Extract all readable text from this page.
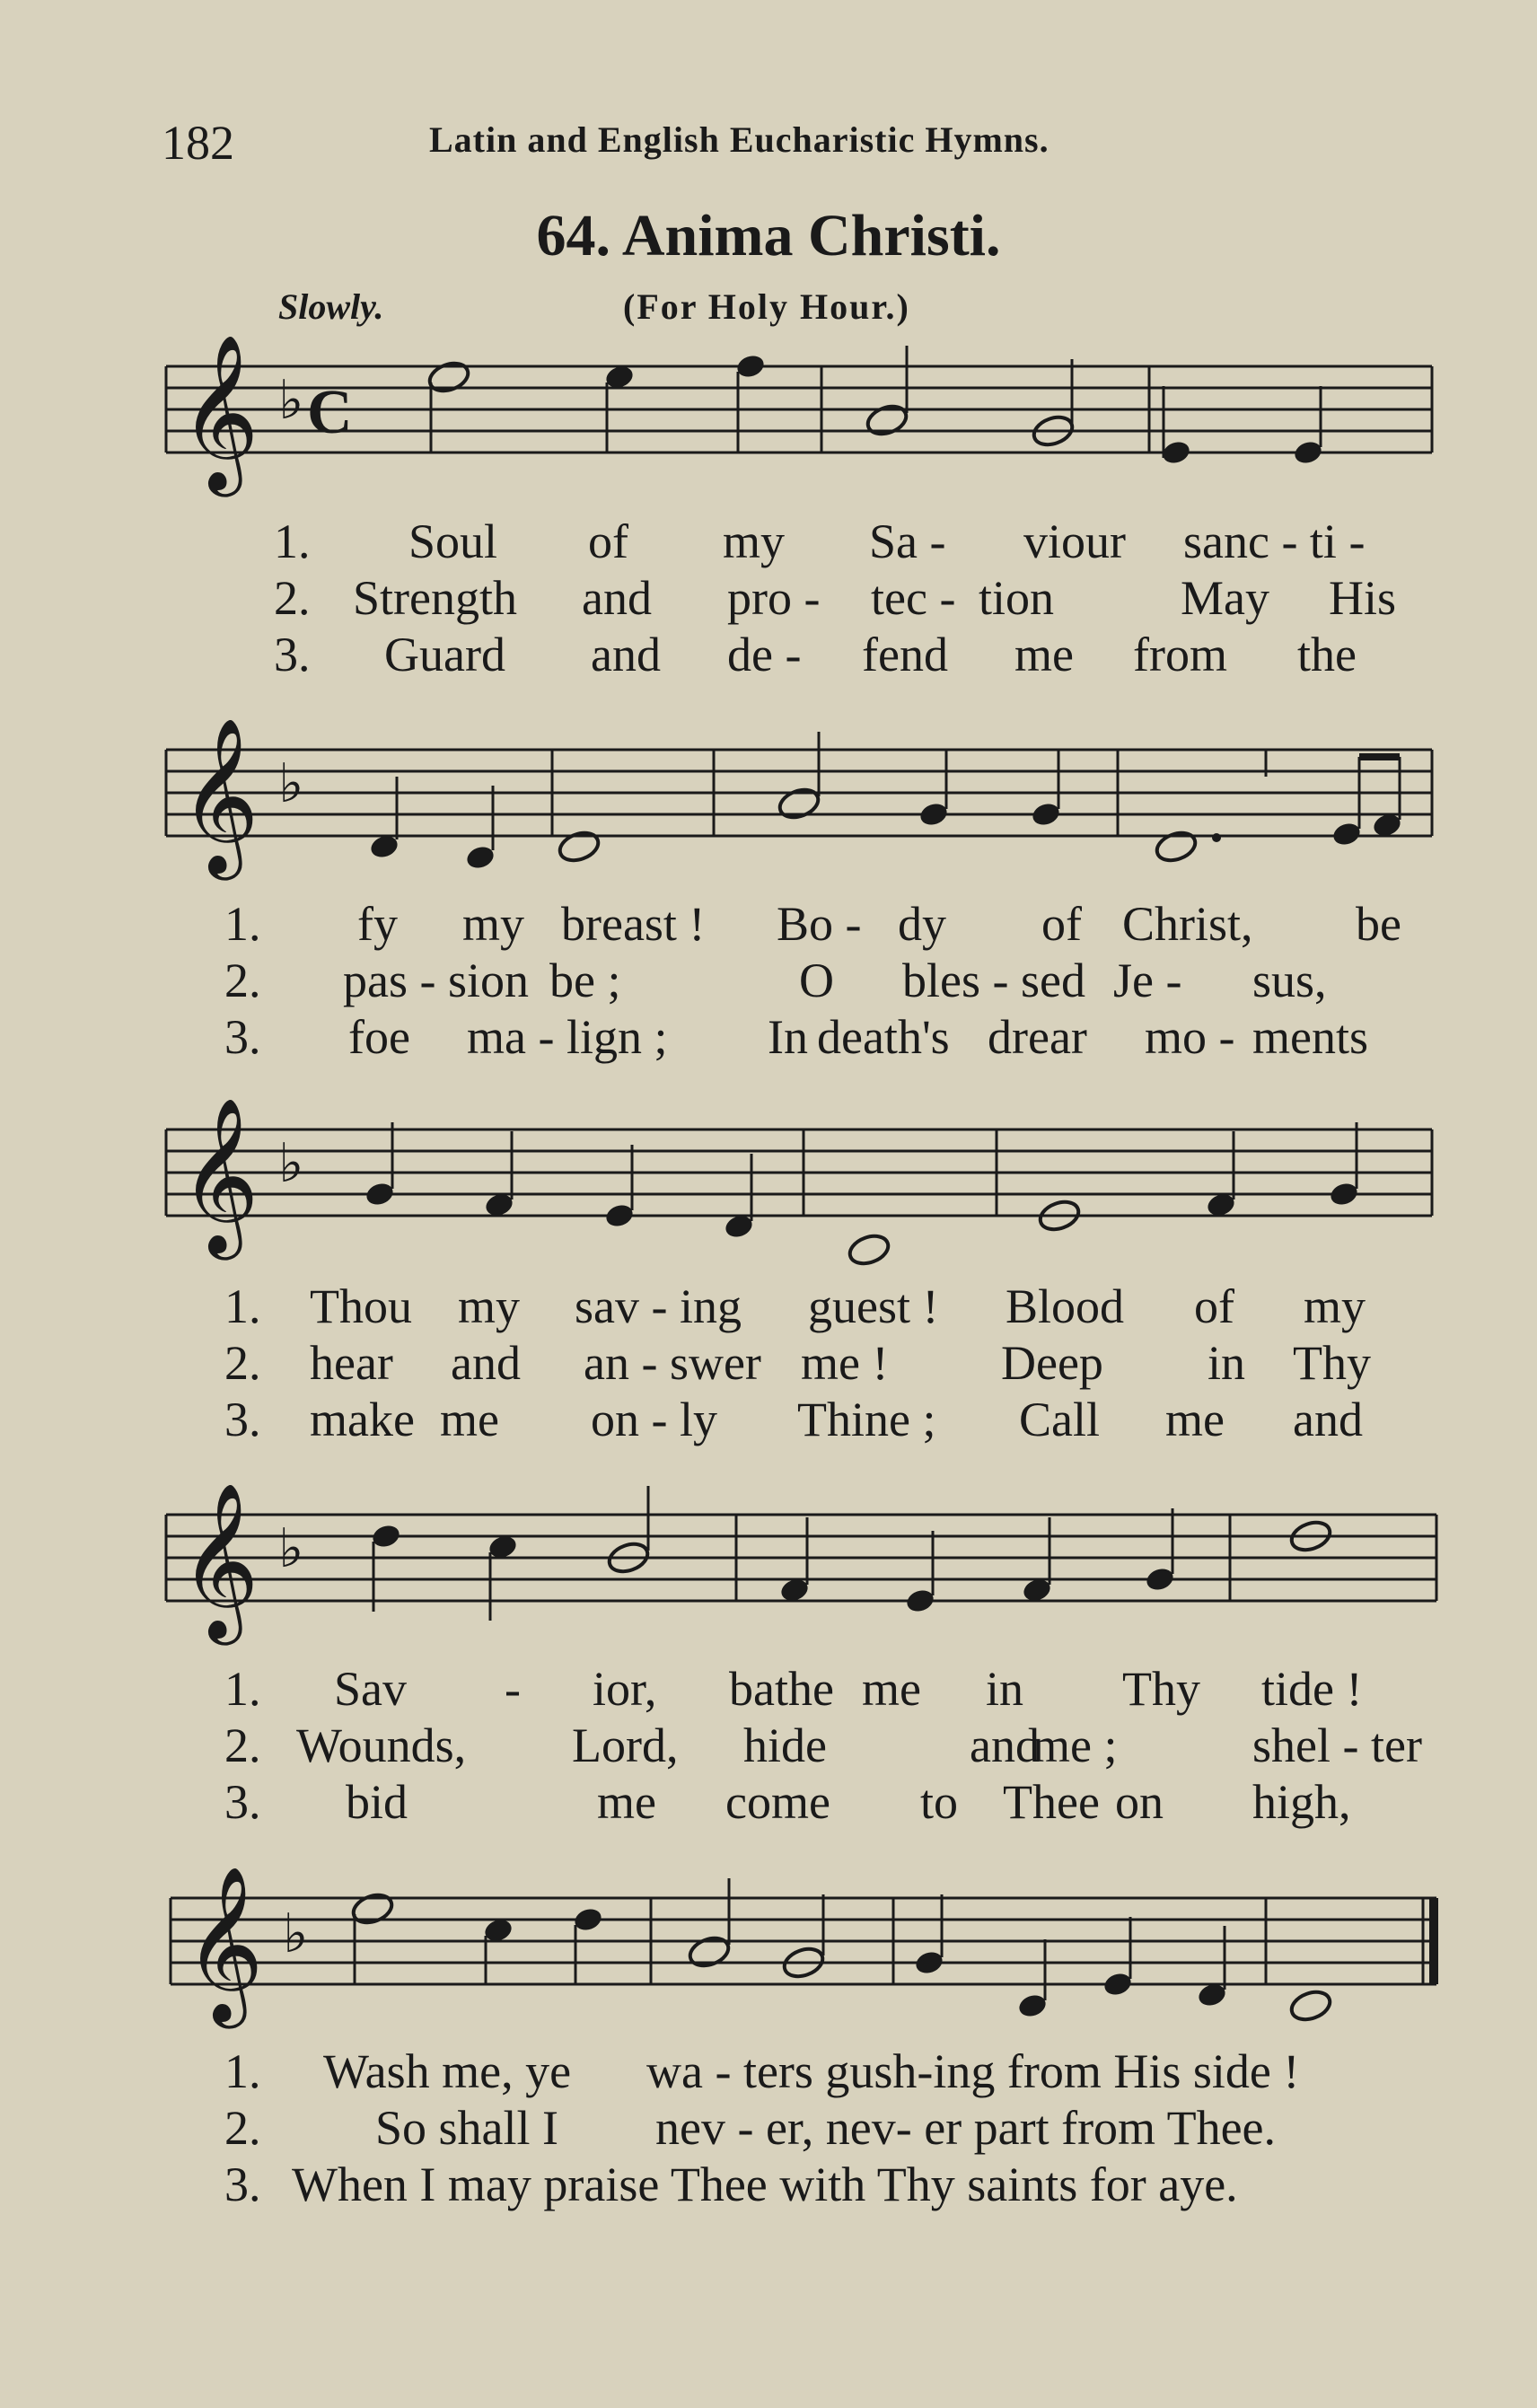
182	Latin and English Eucharistic Hymns.
64. Anima Christi.
Slowly.	(For Holy Hour.)
𝄞 ♭ C
𝄞 ♭
𝄞 ♭
𝄞 ♭
𝄞 ♭
1. Soul of my Sa - viour sanc - ti -
2. Strength and pro - tec - tion	May His
3. Guard and de - fend me from the
1. fy my breast ! Bo - dy of Christ, be
2. pas - sion be ;	O bles - sed Je - sus,
3. foe ma - lign ; In death's drear mo - ments
1. Thou my sav - ing guest ! Blood of my
2. hear and an - swer me ! Deep in Thy
3. make me on - ly Thine ; Call me and
1. Sav - ior, bathe me in Thy tide !
2. Wounds, Lord, hide	and	shel - ter
me ;
3. bid	me come to Thee on high,
1. Wash me, ye wa - ters gush-ing from His side !
2. So shall I nev - er, nev- er part from Thee.
3. When I may praise Thee with Thy saints for aye.
